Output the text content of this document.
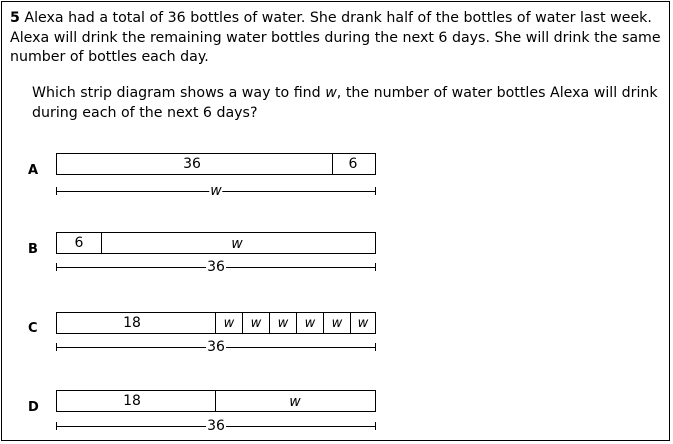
5 Alexa had a total of 36 bottles of water. She drank half of the bottles of water last week. Alexa will drink the remaining water bottles during the next 6 days. She will drink the same number of bottles each day.
Which strip diagram shows a way to find w, the number of water bottles Alexa will drink during each of the next 6 days?
A	36	6
w
B	6	w
36
C	18	w	w	w	w	w	w
36
D	18	w
36
